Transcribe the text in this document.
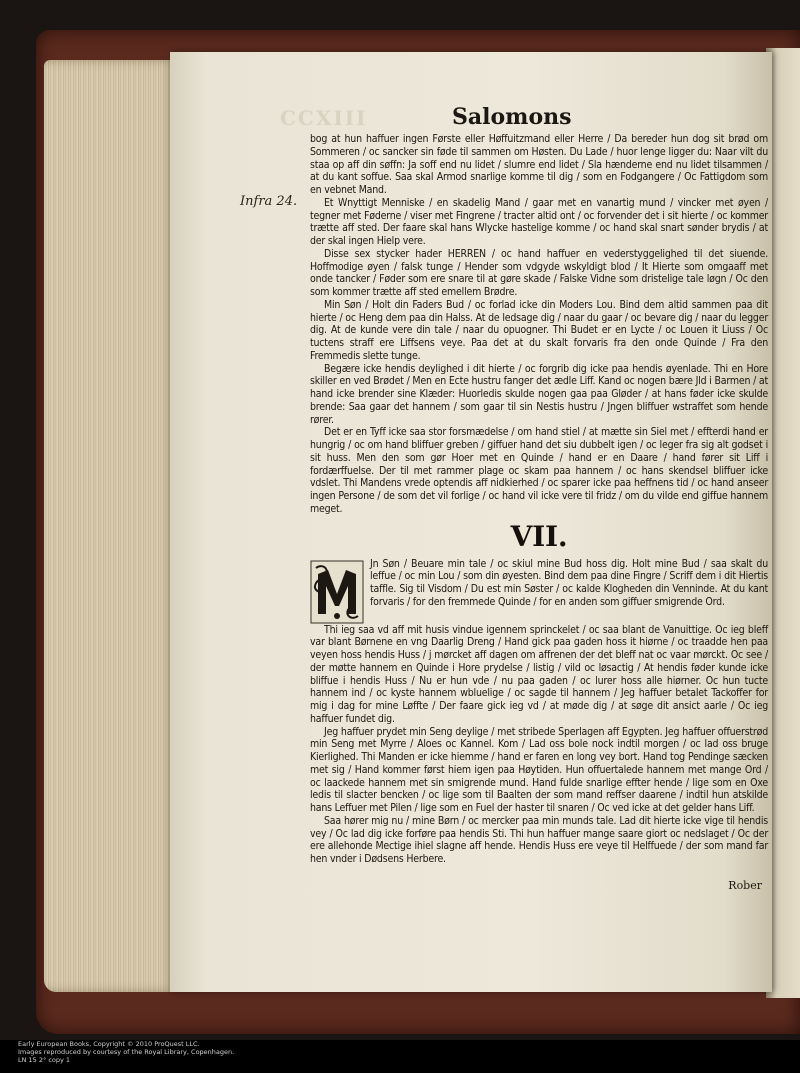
CCXIII	Salomons
Infra 24.

bog at hun haffuer ingen Første eller Høffuitzmand eller Herre / Da bereder hun dog sit brød om Sommeren / oc sancker sin føde til sammen om Høsten. Du Lade / huor lenge ligger du: Naar vilt du staa op aff din søffn: Ja soff end nu lidet / slumre end lidet / Sla hænderne end nu lidet tilsammen / at du kant soffue. Saa skal Armod snarlige komme til dig / som en Fodgangere / Oc Fattigdom som en vebnet Mand.

Et Wnyttigt Menniske / en skadelig Mand / gaar met en vanartig mund / vincker met øyen / tegner met Føderne / viser met Fingrene / tracter altid ont / oc forvender det i sit hierte / oc kommer trætte aff sted. Der faare skal hans Wlycke hastelige komme / oc hand skal snart sønder brydis / at der skal ingen Hielp vere.

Disse sex stycker hader HERREN / oc hand haffuer en vederstyggelighed til det siuende. Hoffmodige øyen / falsk tunge / Hender som vdgyde wskyldigt blod / It Hierte som omgaaff met onde tancker / Føder som ere snare til at gøre skade / Falske Vidne som dristelige tale løgn / Oc den som kommer trætte aff sted emellem Brødre.

Min Søn / Holt din Faders Bud / oc forlad icke din Moders Lou. Bind dem altid sammen paa dit hierte / oc Heng dem paa din Halss. At de ledsage dig / naar du gaar / oc bevare dig / naar du legger dig. At de kunde vere din tale / naar du opuogner. Thi Budet er en Lycte / oc Louen it Liuss / Oc tuctens straff ere Liffsens veye. Paa det at du skalt forvaris fra den onde Quinde / Fra den Fremmedis slette tunge.

Begære icke hendis deylighed i dit hierte / oc forgrib dig icke paa hendis øyenlade. Thi en Hore skiller en ved Brødet / Men en Ecte hustru fanger det ædle Liff. Kand oc nogen bære Jld i Barmen / at hand icke brender sine Klæder: Huorledis skulde nogen gaa paa Gløder / at hans føder icke skulde brende: Saa gaar det hannem / som gaar til sin Nestis hustru / Jngen bliffuer wstraffet som hende rører.

Det er en Tyff icke saa stor forsmædelse / om hand stiel / at mætte sin Siel met / effterdi hand er hungrig / oc om hand bliffuer greben / giffuer hand det siu dubbelt igen / oc leger fra sig alt godset i sit huss. Men den som gør Hoer met en Quinde / hand er en Daare / hand fører sit Liff i fordærffuelse. Der til met rammer plage oc skam paa hannem / oc hans skendsel bliffuer icke vdslet. Thi Mandens vrede optendis aff nidkierhed / oc sparer icke paa heffnens tid / oc hand anseer ingen Persone / de som det vil forlige / oc hand vil icke vere til fridz / om du vilde end giffue hannem meget.

VII.

Jn Søn / Beuare min tale / oc skiul mine Bud hoss dig. Holt mine Bud / saa skalt du leffue / oc min Lou / som din øyesten. Bind dem paa dine Fingre / Scriff dem i dit Hiertis taffle. Sig til Visdom / Du est min Søster / oc kalde Klogheden din Venninde. At du kant forvaris / for den fremmede Quinde / for en anden som giffuer smigrende Ord.

Thi ieg saa vd aff mit husis vindue igennem sprinckelet / oc saa blant de Vanuittige. Oc ieg bleff var blant Børnene en vng Daarlig Dreng / Hand gick paa gaden hoss it hiørne / oc traadde hen paa veyen hoss hendis Huss / j mørcket aff dagen om affrenen der det bleff nat oc vaar mørckt. Oc see / der møtte hannem en Quinde i Hore prydelse / listig / vild oc løsactig / At hendis føder kunde icke bliffue i hendis Huss / Nu er hun vde / nu paa gaden / oc lurer hoss alle hiørner. Oc hun tucte hannem ind / oc kyste hannem wbluelige / oc sagde til hannem / Jeg haffuer betalet Tackoffer for mig i dag for mine Løffte / Der faare gick ieg vd / at møde dig / at søge dit ansict aarle / Oc ieg haffuer fundet dig.

Jeg haffuer prydet min Seng deylige / met stribede Sperlagen aff Egypten. Jeg haffuer offuerstrød min Seng met Myrre / Aloes oc Kannel. Kom / Lad oss bole nock indtil morgen / oc lad oss bruge Kierlighed. Thi Manden er icke hiemme / hand er faren en long vey bort. Hand tog Pendinge sæcken met sig / Hand kommer først hiem igen paa Høytiden. Hun offuertalede hannem met mange Ord / oc laackede hannem met sin smigrende mund. Hand fulde snarlige effter hende / lige som en Oxe ledis til slacter bencken / oc lige som til Baalten der som mand reffser daarene / indtil hun atskilde hans Leffuer met Pilen / lige som en Fuel der haster til snaren / Oc ved icke at det gelder hans Liff.

Saa hører mig nu / mine Børn / oc mercker paa min munds tale. Lad dit hierte icke vige til hendis vey / Oc lad dig icke forføre paa hendis Sti. Thi hun haffuer mange saare giort oc nedslaget / Oc der ere allehonde Mectige ihiel slagne aff hende. Hendis Huss ere veye til Helffuede / der som mand far hen vnder i Dødsens Herbere.

Rober
Early European Books, Copyright © 2010 ProQuest LLC.
Images reproduced by courtesy of the Royal Library, Copenhagen.
LN 15 2° copy 1
